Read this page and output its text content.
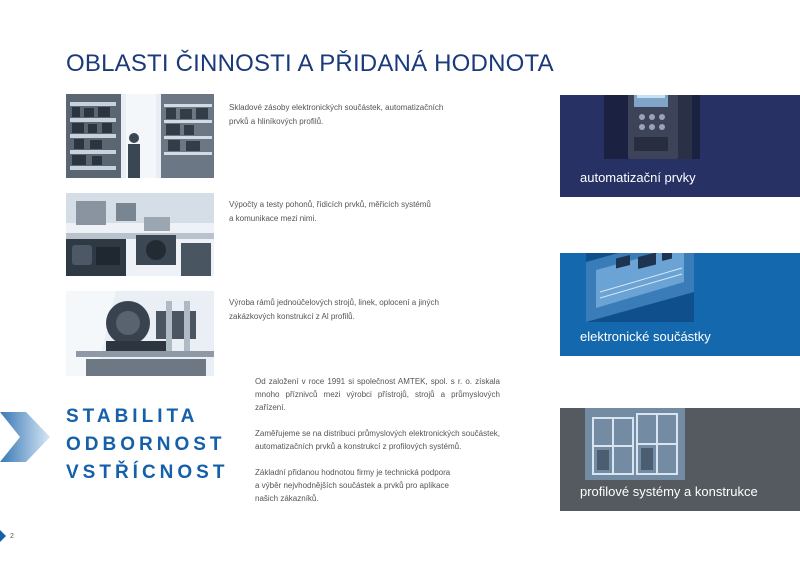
OBLASTI ČINNOSTI A PŘIDANÁ HODNOTA
Skladové zásoby elektronických součástek, automatizačních
prvků a hliníkových profilů.
Výpočty a testy pohonů, řídicích prvků, měřicích systémů
a komunikace mezi nimi.
Výroba rámů jednoúčelových strojů, linek, oplocení a jiných
zakázkových konstrukcí z Al profilů.
STABILITA
ODBORNOST
VSTŘÍCNOST

Od založení v roce 1991 si společnost AMTEK, spol. s r. o. získala mnoho příznivců mezi výrobci přístrojů, strojů a průmyslových zařízení.

Zaměřujeme se na distribuci průmyslových elektronických součástek, automatizačních prvků a konstrukcí z profilových systémů.

Základní přidanou hodnotou firmy je technická podpora
a výběr nejvhodnějších součástek a prvků pro aplikace
našich zákazníků.

automatizační prvky
elektronické součástky
profilové systémy a konstrukce
2
